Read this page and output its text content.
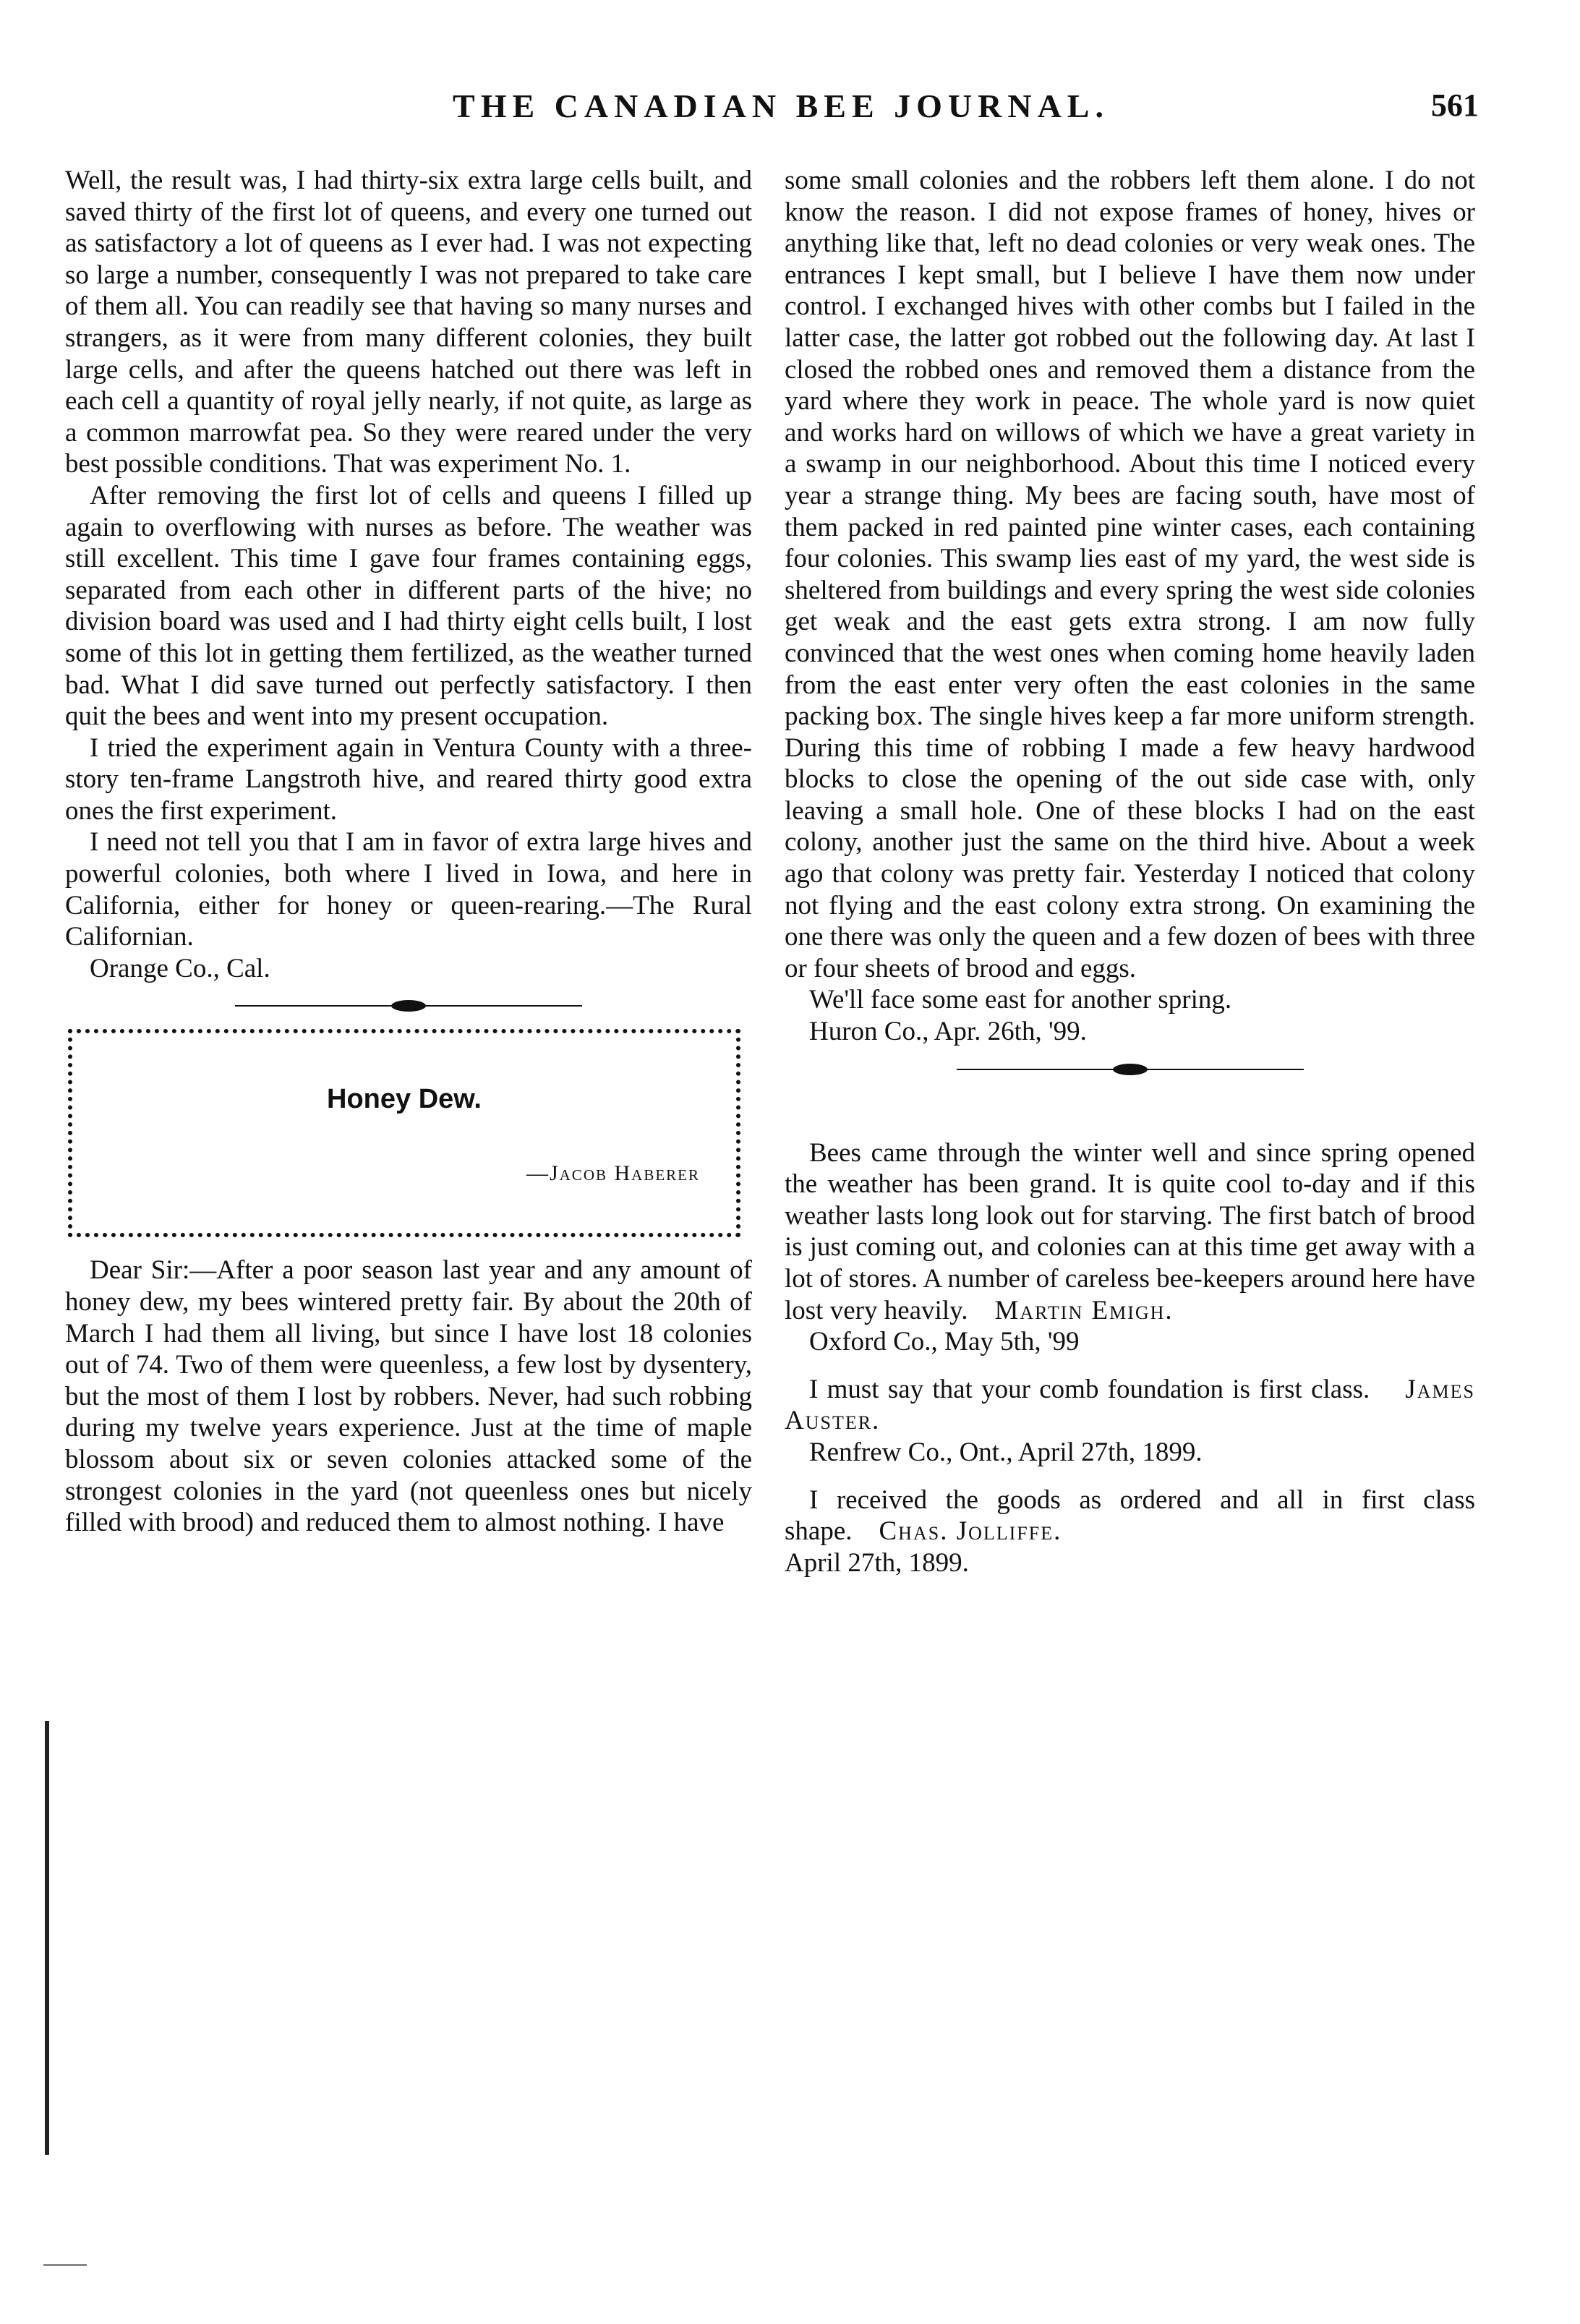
THE CANADIAN BEE JOURNAL.	561

Well, the result was, I had thirty-six extra large cells built, and saved thirty of the first lot of queens, and every one turned out as satisfactory a lot of queens as I ever had. I was not expecting so large a number, consequently I was not prepared to take care of them all. You can readily see that having so many nurses and strangers, as it were from many different colonies, they built large cells, and after the queens hatched out there was left in each cell a quantity of royal jelly nearly, if not quite, as large as a common marrowfat pea. So they were reared under the very best possible conditions. That was experiment No. 1.

After removing the first lot of cells and queens I filled up again to overflowing with nurses as before. The weather was still excellent. This time I gave four frames containing eggs, separated from each other in different parts of the hive; no division board was used and I had thirty eight cells built, I lost some of this lot in getting them fertilized, as the weather turned bad. What I did save turned out perfectly satisfactory. I then quit the bees and went into my present occupation.

I tried the experiment again in Ventura County with a three-story ten-frame Langstroth hive, and reared thirty good extra ones the first experiment.

I need not tell you that I am in favor of extra large hives and powerful colonies, both where I lived in Iowa, and here in California, either for honey or queen-rearing.—The Rural Californian.

Orange Co., Cal.

Honey Dew.
—Jacob Haberer

Dear Sir:—After a poor season last year and any amount of honey dew, my bees wintered pretty fair. By about the 20th of March I had them all living, but since I have lost 18 colonies out of 74. Two of them were queenless, a few lost by dysentery, but the most of them I lost by robbers. Never, had such robbing during my twelve years experience. Just at the time of maple blossom about six or seven colonies attacked some of the strongest colonies in the yard (not queenless ones but nicely filled with brood) and reduced them to almost nothing. I have

some small colonies and the robbers left them alone. I do not know the reason. I did not expose frames of honey, hives or anything like that, left no dead colonies or very weak ones. The entrances I kept small, but I believe I have them now under control. I exchanged hives with other combs but I failed in the latter case, the latter got robbed out the following day. At last I closed the robbed ones and removed them a distance from the yard where they work in peace. The whole yard is now quiet and works hard on willows of which we have a great variety in a swamp in our neighborhood. About this time I noticed every year a strange thing. My bees are facing south, have most of them packed in red painted pine winter cases, each containing four colonies. This swamp lies east of my yard, the west side is sheltered from buildings and every spring the west side colonies get weak and the east gets extra strong. I am now fully convinced that the west ones when coming home heavily laden from the east enter very often the east colonies in the same packing box. The single hives keep a far more uniform strength. During this time of robbing I made a few heavy hardwood blocks to close the opening of the out side case with, only leaving a small hole. One of these blocks I had on the east colony, another just the same on the third hive. About a week ago that colony was pretty fair. Yesterday I noticed that colony not flying and the east colony extra strong. On examining the one there was only the queen and a few dozen of bees with three or four sheets of brood and eggs.

We'll face some east for another spring.

Huron Co., Apr. 26th, '99.

Bees came through the winter well and since spring opened the weather has been grand. It is quite cool to-day and if this weather lasts long look out for starving. The first batch of brood is just coming out, and colonies can at this time get away with a lot of stores. A number of careless bee-keepers around here have lost very heavily. Martin Emigh.

Oxford Co., May 5th, '99

I must say that your comb foundation is first class. James Auster.

Renfrew Co., Ont., April 27th, 1899.

I received the goods as ordered and all in first class shape. Chas. Jolliffe.

April 27th, 1899.
